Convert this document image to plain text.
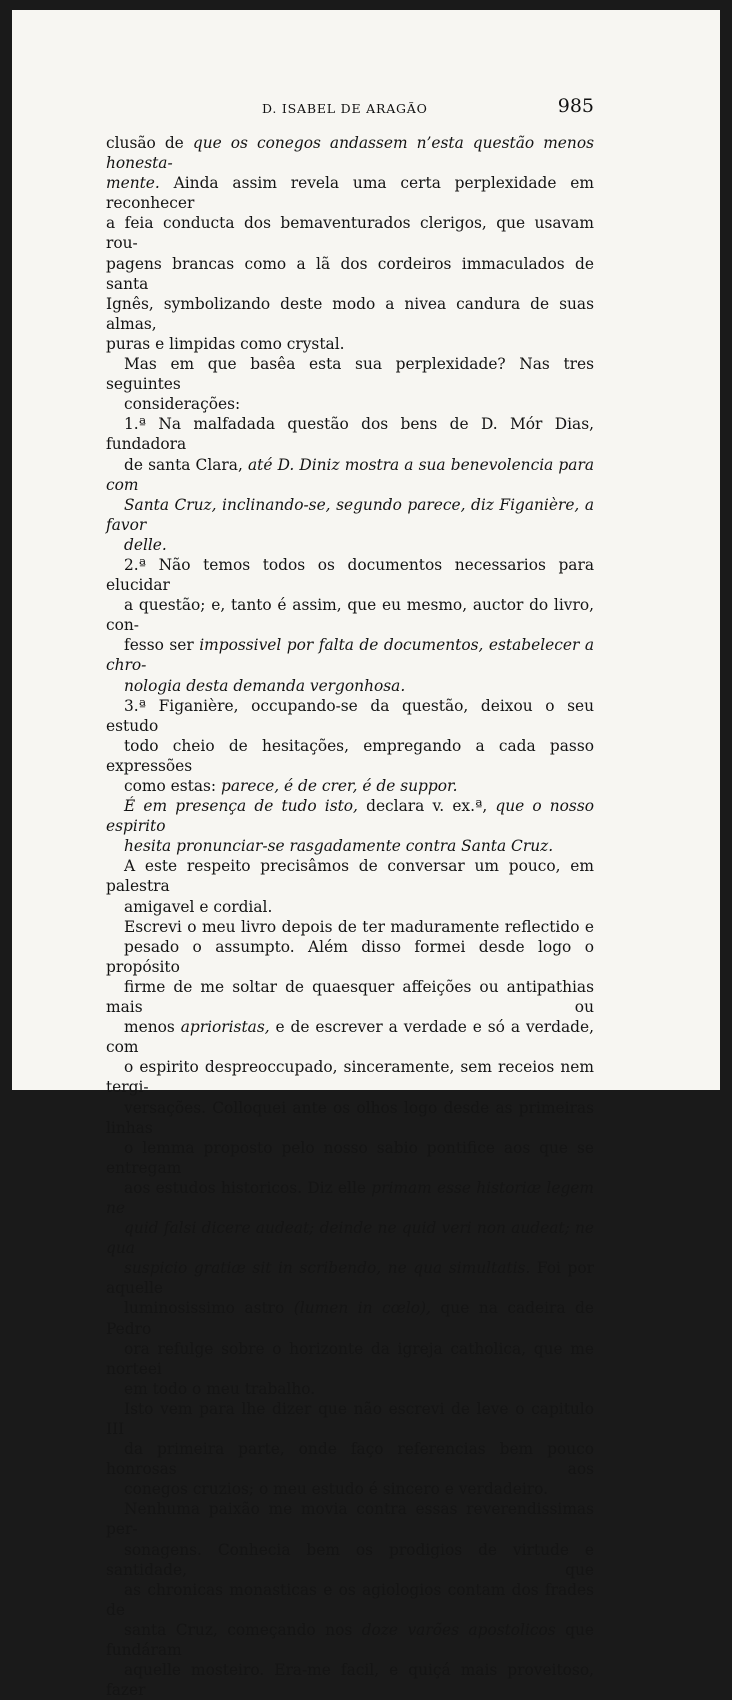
D. ISABEL DE ARAGÃO	985
clusão de que os conegos andassem n’esta questão menos honesta-
mente. Ainda assim revela uma certa perplexidade em reconhecer
a feia conducta dos bemaventurados clerigos, que usavam rou-
pagens brancas como a lã dos cordeiros immaculados de santa
Ignês, symbolizando deste modo a nivea candura de suas almas,
puras e limpidas como crystal.
Mas em que basêa esta sua perplexidade? Nas tres seguintes
considerações:
1.ª Na malfadada questão dos bens de D. Mór Dias, fundadora
de santa Clara, até D. Diniz mostra a sua benevolencia para com
Santa Cruz, inclinando-se, segundo parece, diz Figanière, a favor
delle.
2.ª Não temos todos os documentos necessarios para elucidar
a questão; e, tanto é assim, que eu mesmo, auctor do livro, con-
fesso ser impossivel por falta de documentos, estabelecer a chro-
nologia desta demanda vergonhosa.
3.ª Figanière, occupando-se da questão, deixou o seu estudo
todo cheio de hesitações, empregando a cada passo expressões
como estas: parece, é de crer, é de suppor.
É em presença de tudo isto, declara v. ex.ª, que o nosso espirito
hesita pronunciar-se rasgadamente contra Santa Cruz.
A este respeito precisâmos de conversar um pouco, em palestra
amigavel e cordial.
Escrevi o meu livro depois de ter maduramente reflectido e
pesado o assumpto. Além disso formei desde logo o propósito
firme de me soltar de quaesquer affeições ou antipathias mais ou
menos aprioristas, e de escrever a verdade e só a verdade, com
o espirito despreoccupado, sinceramente, sem receios nem tergi-
versações. Colloquei ante os olhos logo desde as primeiras linhas
o lemma proposto pelo nosso sabio pontifice aos que se entregam
aos estudos historicos. Diz elle primam esse historiæ legem ne
quid falsi dicere audeat; deinde ne quid veri non audeat; ne qua
suspicio gratiæ sit in scribendo, ne qua simultatis. Foi por aquelle
luminosissimo astro (lumen in cœlo), que na cadeira de Pedro
ora refulge sobre o horizonte da igreja catholica, que me norteei
em todo o meu trabalho.
Isto vem para lhe dizer que não escrevi de leve o capitulo III
da primeira parte, onde faço referencias bem pouco honrosas aos
conegos cruzios; o meu estudo é sincero e verdadeiro.
Nenhuma paixão me movia contra essas reverendissimas per-
sonagens. Conhecia bem os prodigios de virtude e santidade, que
as chronicas monasticas e os agiologios contam dos frades de
santa Cruz, começando nos doze varões apostolicos que fundáram
aquelle mosteiro. Era-me facil, e quiçá mais proveitoso, fazer
